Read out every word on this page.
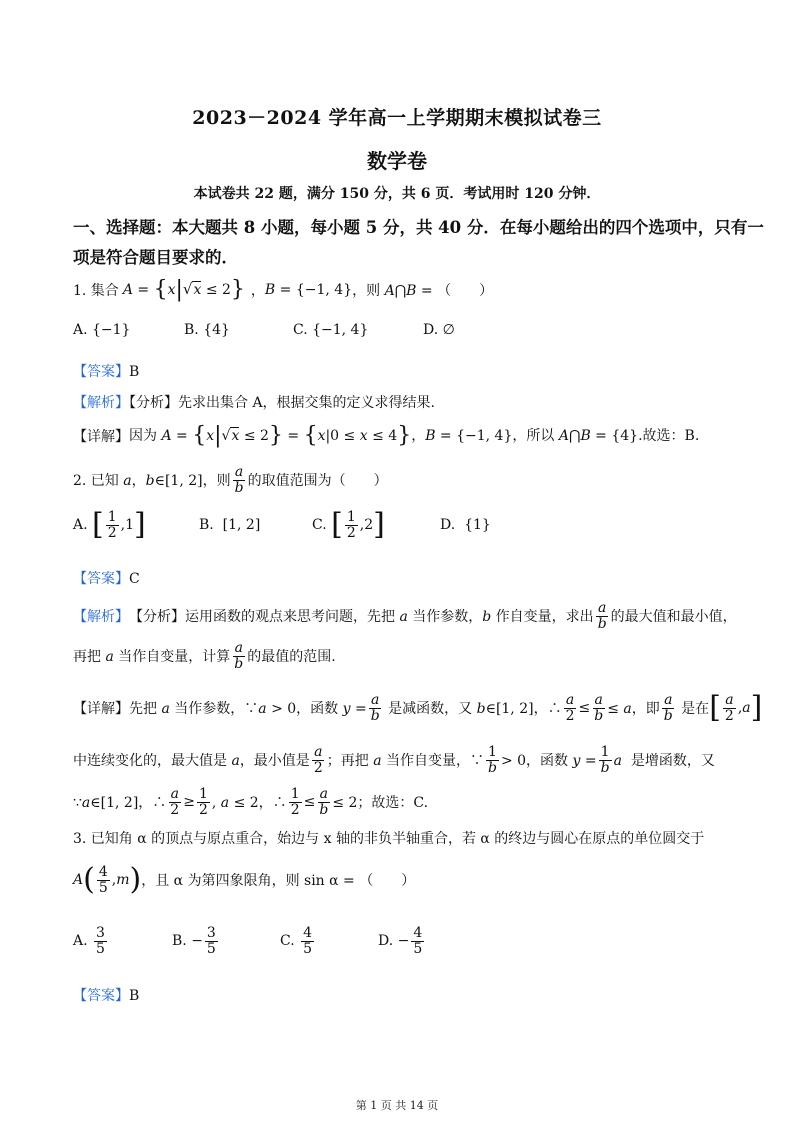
2023－2024 学年高一上学期期末模拟试卷三
数学卷
本试卷共 22 题，满分 150 分，共 6 页．考试用时 120 分钟．
一、选择题：本大题共 8 小题，每小题 5 分，共 40 分．在每小题给出的四个选项中，只有一
项是符合题目要求的．
1. 集合 A = {x|√x ≤ 2} ， B = {−1, 4} ，则 A⋂B = （　　）
A. {−1}	B. {4}	C. {−1, 4}	D. ∅
【答案】B
【解析】【分析】先求出集合 A，根据交集的定义求得结果.
【详解】 因为 A = {x|√x ≤ 2} = {x|0 ≤ x ≤ 4}，B = {−1, 4}，所以 A⋂B = {4}.故选：B.
2. 已知 a，b∈[1, 2]，则 $\frac{a}{b}$ 的取值范围为（　　）
A. [ $\frac{1}{2} ,1$ ]	B.  [1, 2]	C. [ $\frac{1}{2} ,2$ ]	D.  {1}
【答案】C
【解析】 【分析】运用函数的观点来思考问题，先把 a 当作参数，b 作自变量，求出 $\frac{a}{b}$ 的最大值和最小值，
再把 a 当作自变量，计算 $\frac{a}{b}$ 的最值的范围.
【详解】 先把 a 当作参数，∵a > 0，函数 $y = \frac{a}{b}$ 是减函数，又 b∈[1, 2]，∴ $\frac{a}{2} \le \frac{a}{b} \le a$，即 $\frac{a}{b}$ 是在 [ $\frac{a}{2}$ , a ]
中连续变化的，最大值是 a，最小值是 $\frac{a}{2}$ ；再把 a 当作自变量，∵ $\frac{1}{b} > 0$，函数 $y = \frac{1}{b}$ a  是增函数，又
∵a∈[1, 2]，∴ $\frac{a}{2} \ge \frac{1}{2}$ , a ≤ 2，∴ $\frac{1}{2} \le \frac{a}{b} \le 2$；故选：C.
3. 已知角 α 的顶点与原点重合，始边与 x 轴的非负半轴重合，若 α 的终边与圆心在原点的单位圆交于
A ( $\frac{4}{5}$ , m ) ，且 α 为第四象限角，则 sin α = （　　）
A. $\frac{3}{5}$	B. − $\frac{3}{5}$	C. $\frac{4}{5}$	D. − $\frac{4}{5}$
【答案】B
第 1 页 共 14 页
